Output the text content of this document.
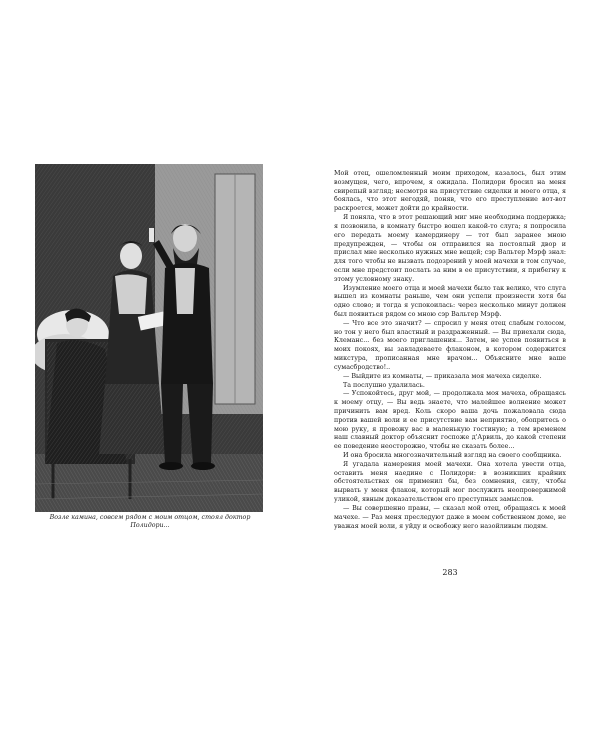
Возле камина, совсем рядом с моим отцом, стоял доктор Полидори...

Мой отец, ошеломленный моим приходом, казалось, был этим возмущен, чего, впрочем, я ожидала. Полидори бросил на меня свирепый взгляд; несмотря на присутствие сиделки и моего отца, я боялась, что этот негодяй, поняв, что его преступление вот-вот раскроется, может дойти до крайности.

Я поняла, что в этот решающий миг мне необходима поддержка; я позвонила, в комнату быстро вошел какой-то слуга; я попросила его передать моему камердинеру — тот был заранее мною предупрежден, — чтобы он отправился на постоялый двор и прислал мне несколько нужных мне вещей; сэр Вальтер Мэрф знал: для того чтобы не вызвать подозрений у моей мачехи в том случае, если мне предстоит послать за ним в ее присутствии, я прибегну к этому условному знаку.

Изумление моего отца и моей мачехи было так велико, что слуга вышел из комнаты раньше, чем они успели произнести хотя бы одно слово; и тогда я успокоилась: через несколько минут должен был появиться рядом со мною сэр Вальтер Мэрф.

— Что все это значит? — спросил у меня отец слабым голосом, но тон у него был властный и раздраженный. — Вы приехали сюда, Клеманс... без моего приглашения... Затем, не успев появиться в моих покоях, вы завладеваете флаконом, в котором содержится микстура, прописанная мне врачом... Объясните мне ваше сумасбродство!..

— Выйдите из комнаты, — приказала моя мачеха сиделке.

Та послушно удалилась.

— Успокойтесь, друг мой, — продолжала моя мачеха, обращаясь к моему отцу, — Вы ведь знаете, что малейшее волнение может причинить вам вред. Коль скоро ваша дочь пожаловала сюда против вашей воли и ее присутствие вам неприятно, обопритесь о мою руку, я провожу вас в маленькую гостиную; а тем временем наш славный доктор объяснит госпоже д'Арвиль, до какой степени ее поведение неосторожно, чтобы не сказать более...

И она бросила многозначительный взгляд на своего сообщника.

Я угадала намерения моей мачехи. Она хотела увести отца, оставить меня наедине с Полидори: в возникших крайних обстоятельствах он применил бы, без сомнения, силу, чтобы вырвать у меня флакон, который мог послужить неопровержимой уликой, явным доказательством его преступных замыслов.

— Вы совершенно правы, — сказал мой отец, обращаясь к моей мачехе. — Раз меня преследуют даже в моем собственном доме, не уважая моей воли, я уйду и освобожу него назойливым людям.

283
